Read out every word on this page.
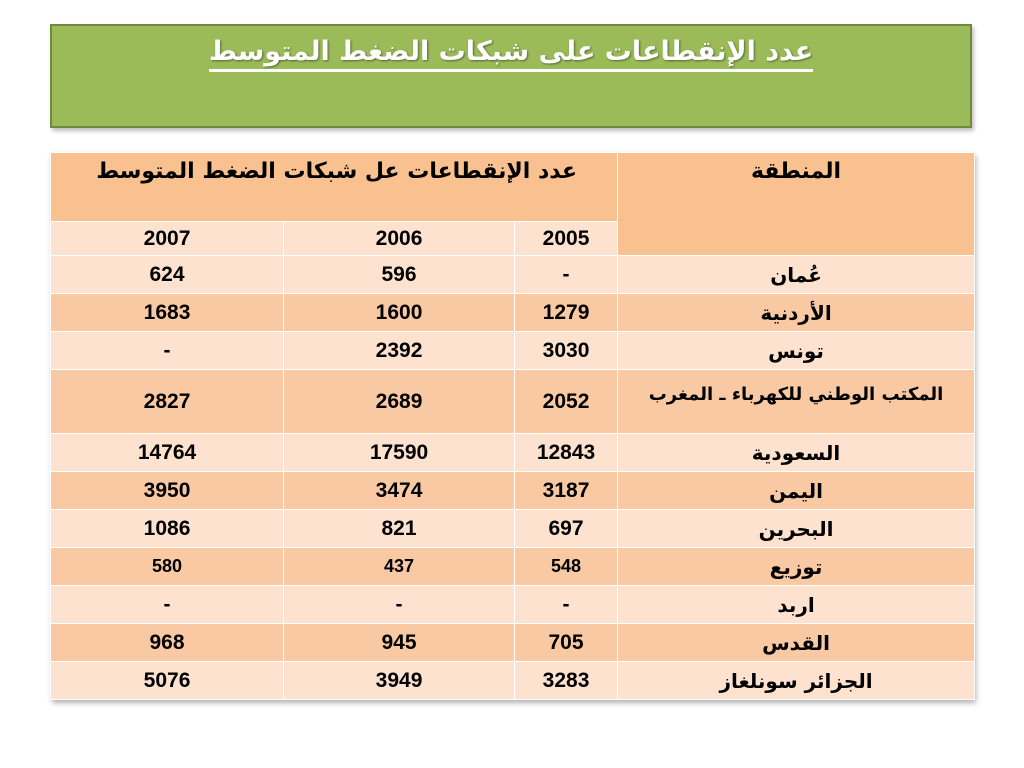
عدد الإنقطاعات على شبكات الضغط المتوسط
المنطقة	عدد الإنقطاعات عل شبكات الضغط المتوسط		
	2005	2006	2007
عُمان	-	596	624
الأردنية	1279	1600	1683
تونس	3030	2392	-
المكتب الوطني للكهرباء ـ المغرب	2052	2689	2827
السعودية	12843	17590	14764
اليمن	3187	3474	3950
البحرين	697	821	1086
توزيع	548	437	580
اربد	-	-	-
القدس	705	945	968
الجزائر سونلغاز	3283	3949	5076
